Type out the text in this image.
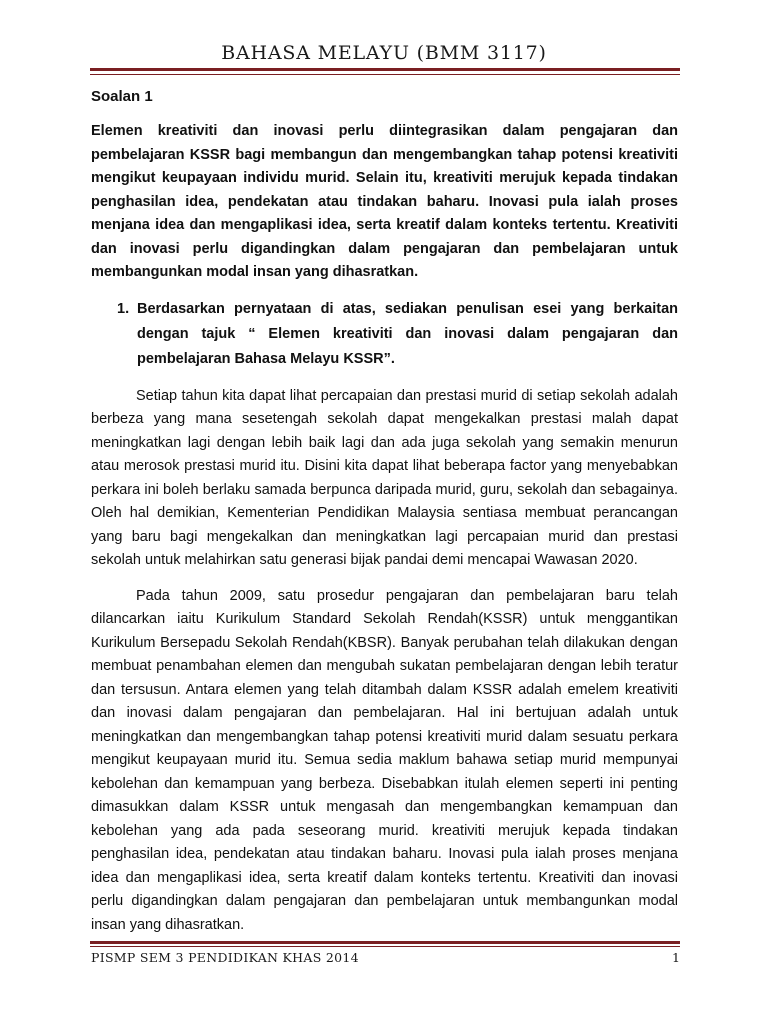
BAHASA MELAYU (BMM 3117)
Soalan 1
Elemen kreativiti dan inovasi perlu diintegrasikan dalam pengajaran dan pembelajaran KSSR bagi membangun dan mengembangkan tahap potensi kreativiti mengikut keupayaan individu murid. Selain itu, kreativiti merujuk kepada tindakan penghasilan idea, pendekatan atau tindakan baharu. Inovasi pula ialah proses menjana idea dan mengaplikasi idea, serta kreatif dalam konteks tertentu. Kreativiti dan inovasi perlu digandingkan dalam pengajaran dan pembelajaran untuk membangunkan modal insan yang dihasratkan.
1. Berdasarkan pernyataan di atas, sediakan penulisan esei yang berkaitan dengan tajuk “ Elemen kreativiti dan inovasi dalam pengajaran dan pembelajaran Bahasa Melayu KSSR”.
Setiap tahun kita dapat lihat percapaian dan prestasi murid di setiap sekolah adalah berbeza yang mana sesetengah sekolah dapat mengekalkan prestasi malah dapat meningkatkan lagi dengan lebih baik lagi dan ada juga sekolah yang semakin menurun atau merosok prestasi murid itu. Disini kita dapat lihat beberapa factor yang menyebabkan perkara ini boleh berlaku samada berpunca daripada murid, guru, sekolah dan sebagainya. Oleh hal demikian, Kementerian Pendidikan Malaysia sentiasa membuat perancangan yang baru bagi mengekalkan dan meningkatkan lagi percapaian murid dan prestasi sekolah untuk melahirkan satu generasi bijak pandai demi mencapai Wawasan 2020.
Pada tahun 2009, satu prosedur pengajaran dan pembelajaran baru telah dilancarkan iaitu Kurikulum Standard Sekolah Rendah(KSSR) untuk menggantikan Kurikulum Bersepadu Sekolah Rendah(KBSR). Banyak perubahan telah dilakukan dengan membuat penambahan elemen dan mengubah sukatan pembelajaran dengan lebih teratur dan tersusun. Antara elemen yang telah ditambah dalam KSSR adalah emelem kreativiti dan inovasi dalam pengajaran dan pembelajaran. Hal ini bertujuan adalah untuk meningkatkan dan mengembangkan tahap potensi kreativiti murid dalam sesuatu perkara mengikut keupayaan murid itu. Semua sedia maklum bahawa setiap murid mempunyai kebolehan dan kemampuan yang berbeza. Disebabkan itulah elemen seperti ini penting dimasukkan dalam KSSR untuk mengasah dan mengembangkan kemampuan dan kebolehan yang ada pada seseorang murid. kreativiti merujuk kepada tindakan penghasilan idea, pendekatan atau tindakan baharu. Inovasi pula ialah proses menjana idea dan mengaplikasi idea, serta kreatif dalam konteks tertentu. Kreativiti dan inovasi perlu digandingkan dalam pengajaran dan pembelajaran untuk membangunkan modal insan yang dihasratkan.
PISMP SEM 3 PENDIDIKAN KHAS 2014	1
